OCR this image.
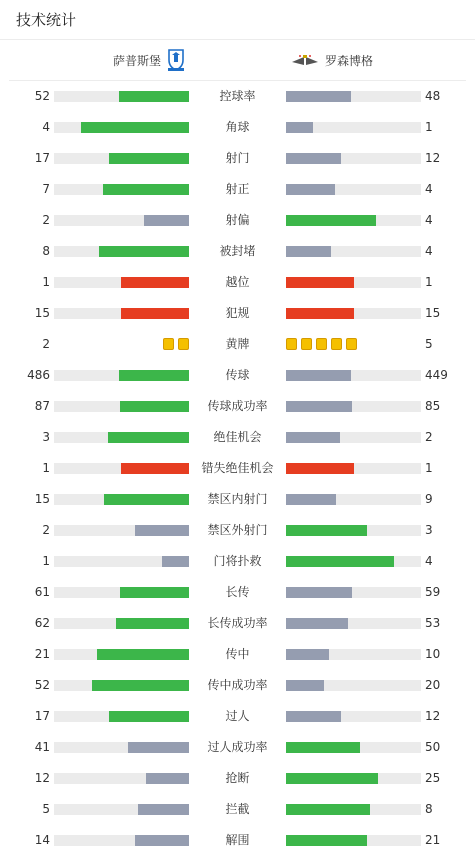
技术统计
萨普斯堡	罗森博格
52	控球率	48
4	角球	1
17	射门	12
7	射正	4
2	射偏	4
8	被封堵	4
1	越位	1
15	犯规	15
2	黄牌	5
486	传球	449
87	传球成功率	85
3	绝佳机会	2
1	错失绝佳机会	1
15	禁区内射门	9
2	禁区外射门	3
1	门将扑救	4
61	长传	59
62	长传成功率	53
21	传中	10
52	传中成功率	20
17	过人	12
41	过人成功率	50
12	抢断	25
5	拦截	8
14	解围	21
